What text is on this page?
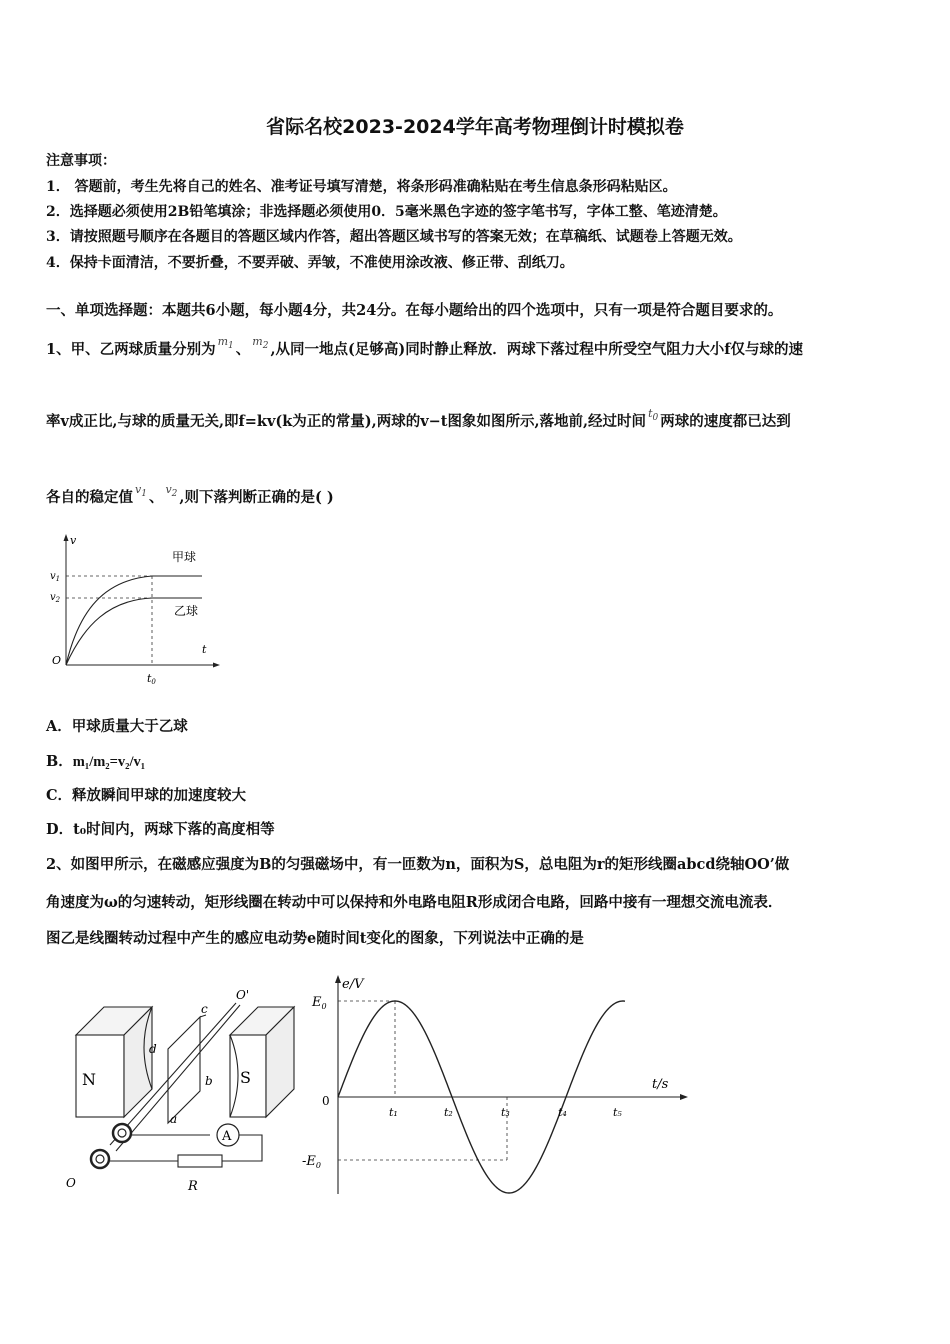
省际名校2023-2024学年高考物理倒计时模拟卷
注意事项：
1． 答题前，考生先将自己的姓名、准考证号填写清楚，将条形码准确粘贴在考生信息条形码粘贴区。
2．选择题必须使用2B铅笔填涂；非选择题必须使用0．5毫米黑色字迹的签字笔书写，字体工整、笔迹清楚。
3．请按照题号顺序在各题目的答题区域内作答，超出答题区域书写的答案无效；在草稿纸、试题卷上答题无效。
4．保持卡面清洁，不要折叠，不要弄破、弄皱，不准使用涂改液、修正带、刮纸刀。
一、单项选择题：本题共6小题，每小题4分，共24分。在每小题给出的四个选项中，只有一项是符合题目要求的。
1、甲、乙两球质量分别为 $^{m_1}$ 、 $^{m_2}$ ,从同一地点(足够高)同时静止释放．两球下落过程中所受空气阻力大小f仅与球的速
率v成正比,与球的质量无关,即f=kv(k为正的常量),两球的v−t图象如图所示,落地前,经过时间 $^{t_0}$ 两球的速度都已达到
各自的稳定值 $^{v_1}$ 、 $^{v_2}$ ,则下落判断正确的是( )
v
t
O
$v_1$
$v_2$
t0
甲球
乙球
A．甲球质量大于乙球
B．m₁/m₂=v₂/v₁
C．释放瞬间甲球的加速度较大
D．t₀时间内，两球下落的高度相等
2、如图甲所示，在磁感应强度为B的匀强磁场中，有一匝数为n，面积为S，总电阻为r的矩形线圈abcd绕轴OO’做
角速度为ω的匀速转动，矩形线圈在转动中可以保持和外电路电阻R形成闭合电路，回路中接有一理想交流电流表．
图乙是线圈转动过程中产生的感应电动势e随时间t变化的图象，下列说法中正确的是
N	S
A
R
a
b
c
d
O'
O
e/V
t/s
0
$E_0$
$-E_0$
t₁	t₂	t₃	t₄	t₅
